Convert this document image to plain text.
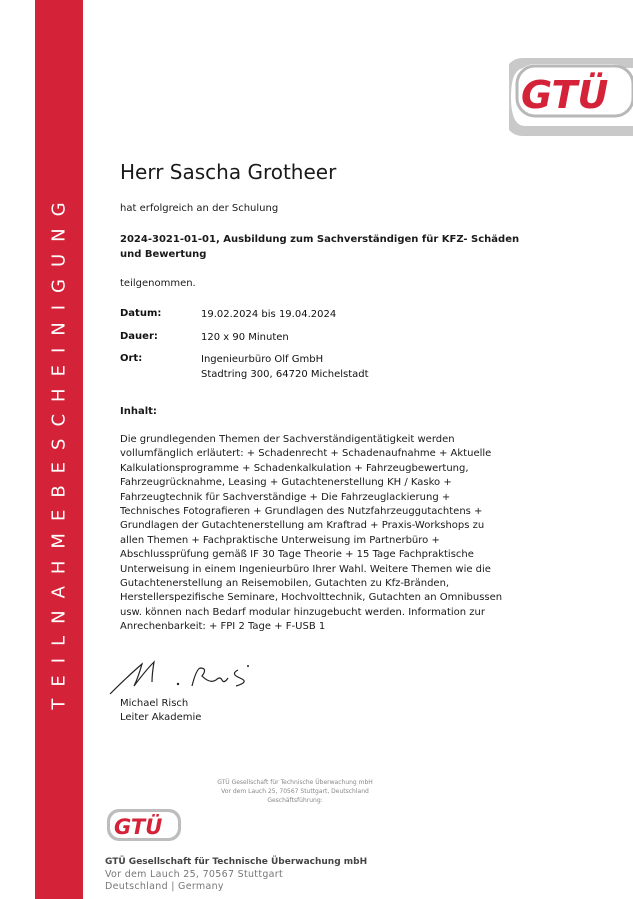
TEILNAHMEBESCHEINIGUNG
GTÜ
Herr Sascha Grotheer
hat erfolgreich an der Schulung
2024-3021-01-01, Ausbildung zum Sachverständigen für KFZ- Schäden und Bewertung
teilgenommen.
Datum:	19.02.2024 bis 19.04.2024
Dauer:	120 x 90 Minuten
Ort:	Ingenieurbüro Olf GmbH
Stadtring 300, 64720 Michelstadt
Inhalt:
Die grundlegenden Themen der Sachverständigentätigkeit werden
vollumfänglich erläutert: + Schadenrecht + Schadenaufnahme + Aktuelle
Kalkulationsprogramme + Schadenkalkulation + Fahrzeugbewertung,
Fahrzeugrücknahme, Leasing + Gutachtenerstellung KH / Kasko +
Fahrzeugtechnik für Sachverständige + Die Fahrzeuglackierung +
Technisches Fotografieren + Grundlagen des Nutzfahrzeuggutachtens +
Grundlagen der Gutachtenerstellung am Kraftrad + Praxis-Workshops zu
allen Themen + Fachpraktische Unterweisung im Partnerbüro +
Abschlussprüfung gemäß IF 30 Tage Theorie + 15 Tage Fachpraktische
Unterweisung in einem Ingenieurbüro Ihrer Wahl. Weitere Themen wie die
Gutachtenerstellung an Reisemobilen, Gutachten zu Kfz-Bränden,
Herstellerspezifische Seminare, Hochvolttechnik, Gutachten an Omnibussen
usw. können nach Bedarf modular hinzugebucht werden. Information zur
Anrechenbarkeit: + FPI 2 Tage + F-USB 1
Michael Risch
Leiter Akademie
GTÜ Gesellschaft für Technische Überwachung mbH
Vor dem Lauch 25, 70567 Stuttgart, Deutschland
Geschäftsführung:
GTÜ
GTÜ Gesellschaft für Technische Überwachung mbH
Vor dem Lauch 25, 70567 Stuttgart
Deutschland | Germany
